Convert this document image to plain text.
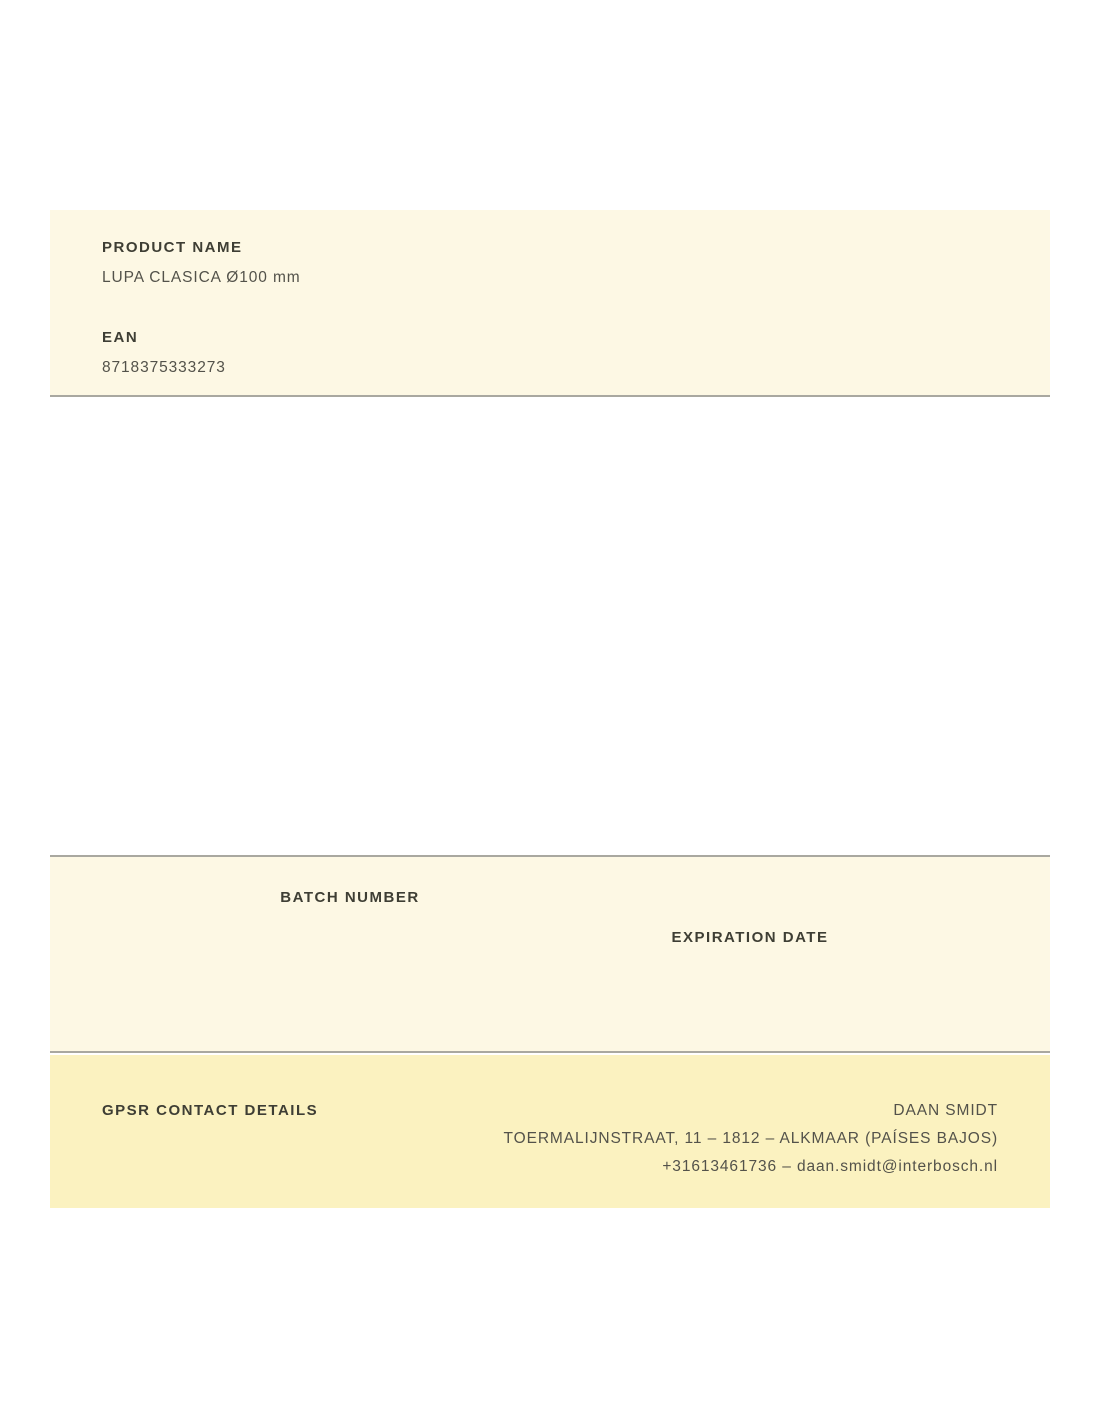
PRODUCT NAME
LUPA CLASICA Ø100 mm
EAN
8718375333273
BATCH NUMBER
EXPIRATION DATE
GPSR CONTACT DETAILS	DAAN SMIDT
TOERMALIJNSTRAAT, 11 – 1812 – ALKMAAR (PAÍSES BAJOS)
+31613461736 – daan.smidt@interbosch.nl
